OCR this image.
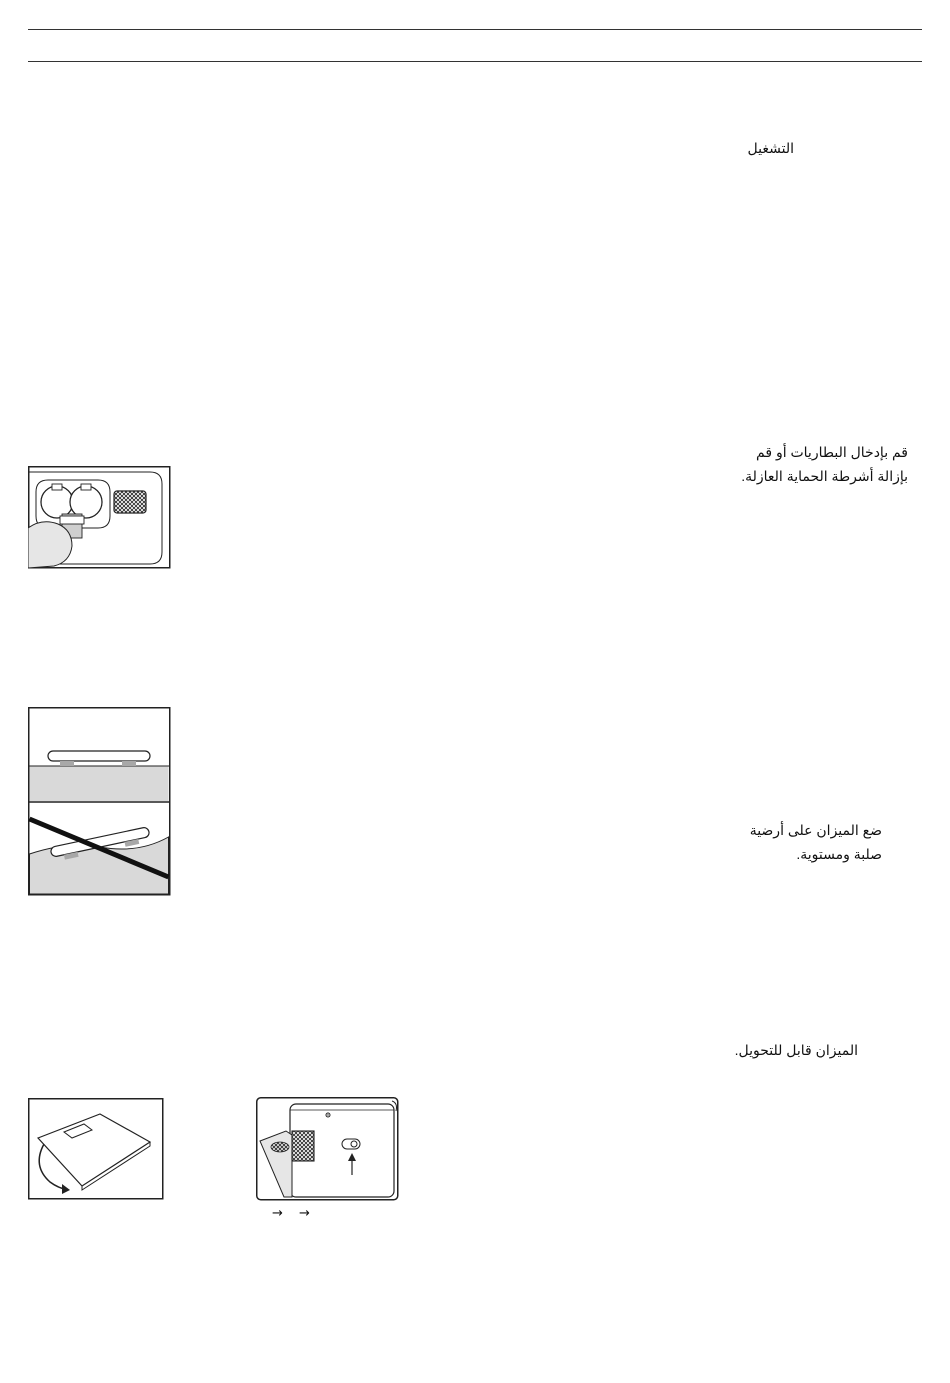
التشغيل
قم بإدخال البطاريات أو قم
بإزالة أشرطة الحماية العازلة.
ضع الميزان على أرضية
صلبة ومستوية.
الميزان قابل للتحويل.
→ →
